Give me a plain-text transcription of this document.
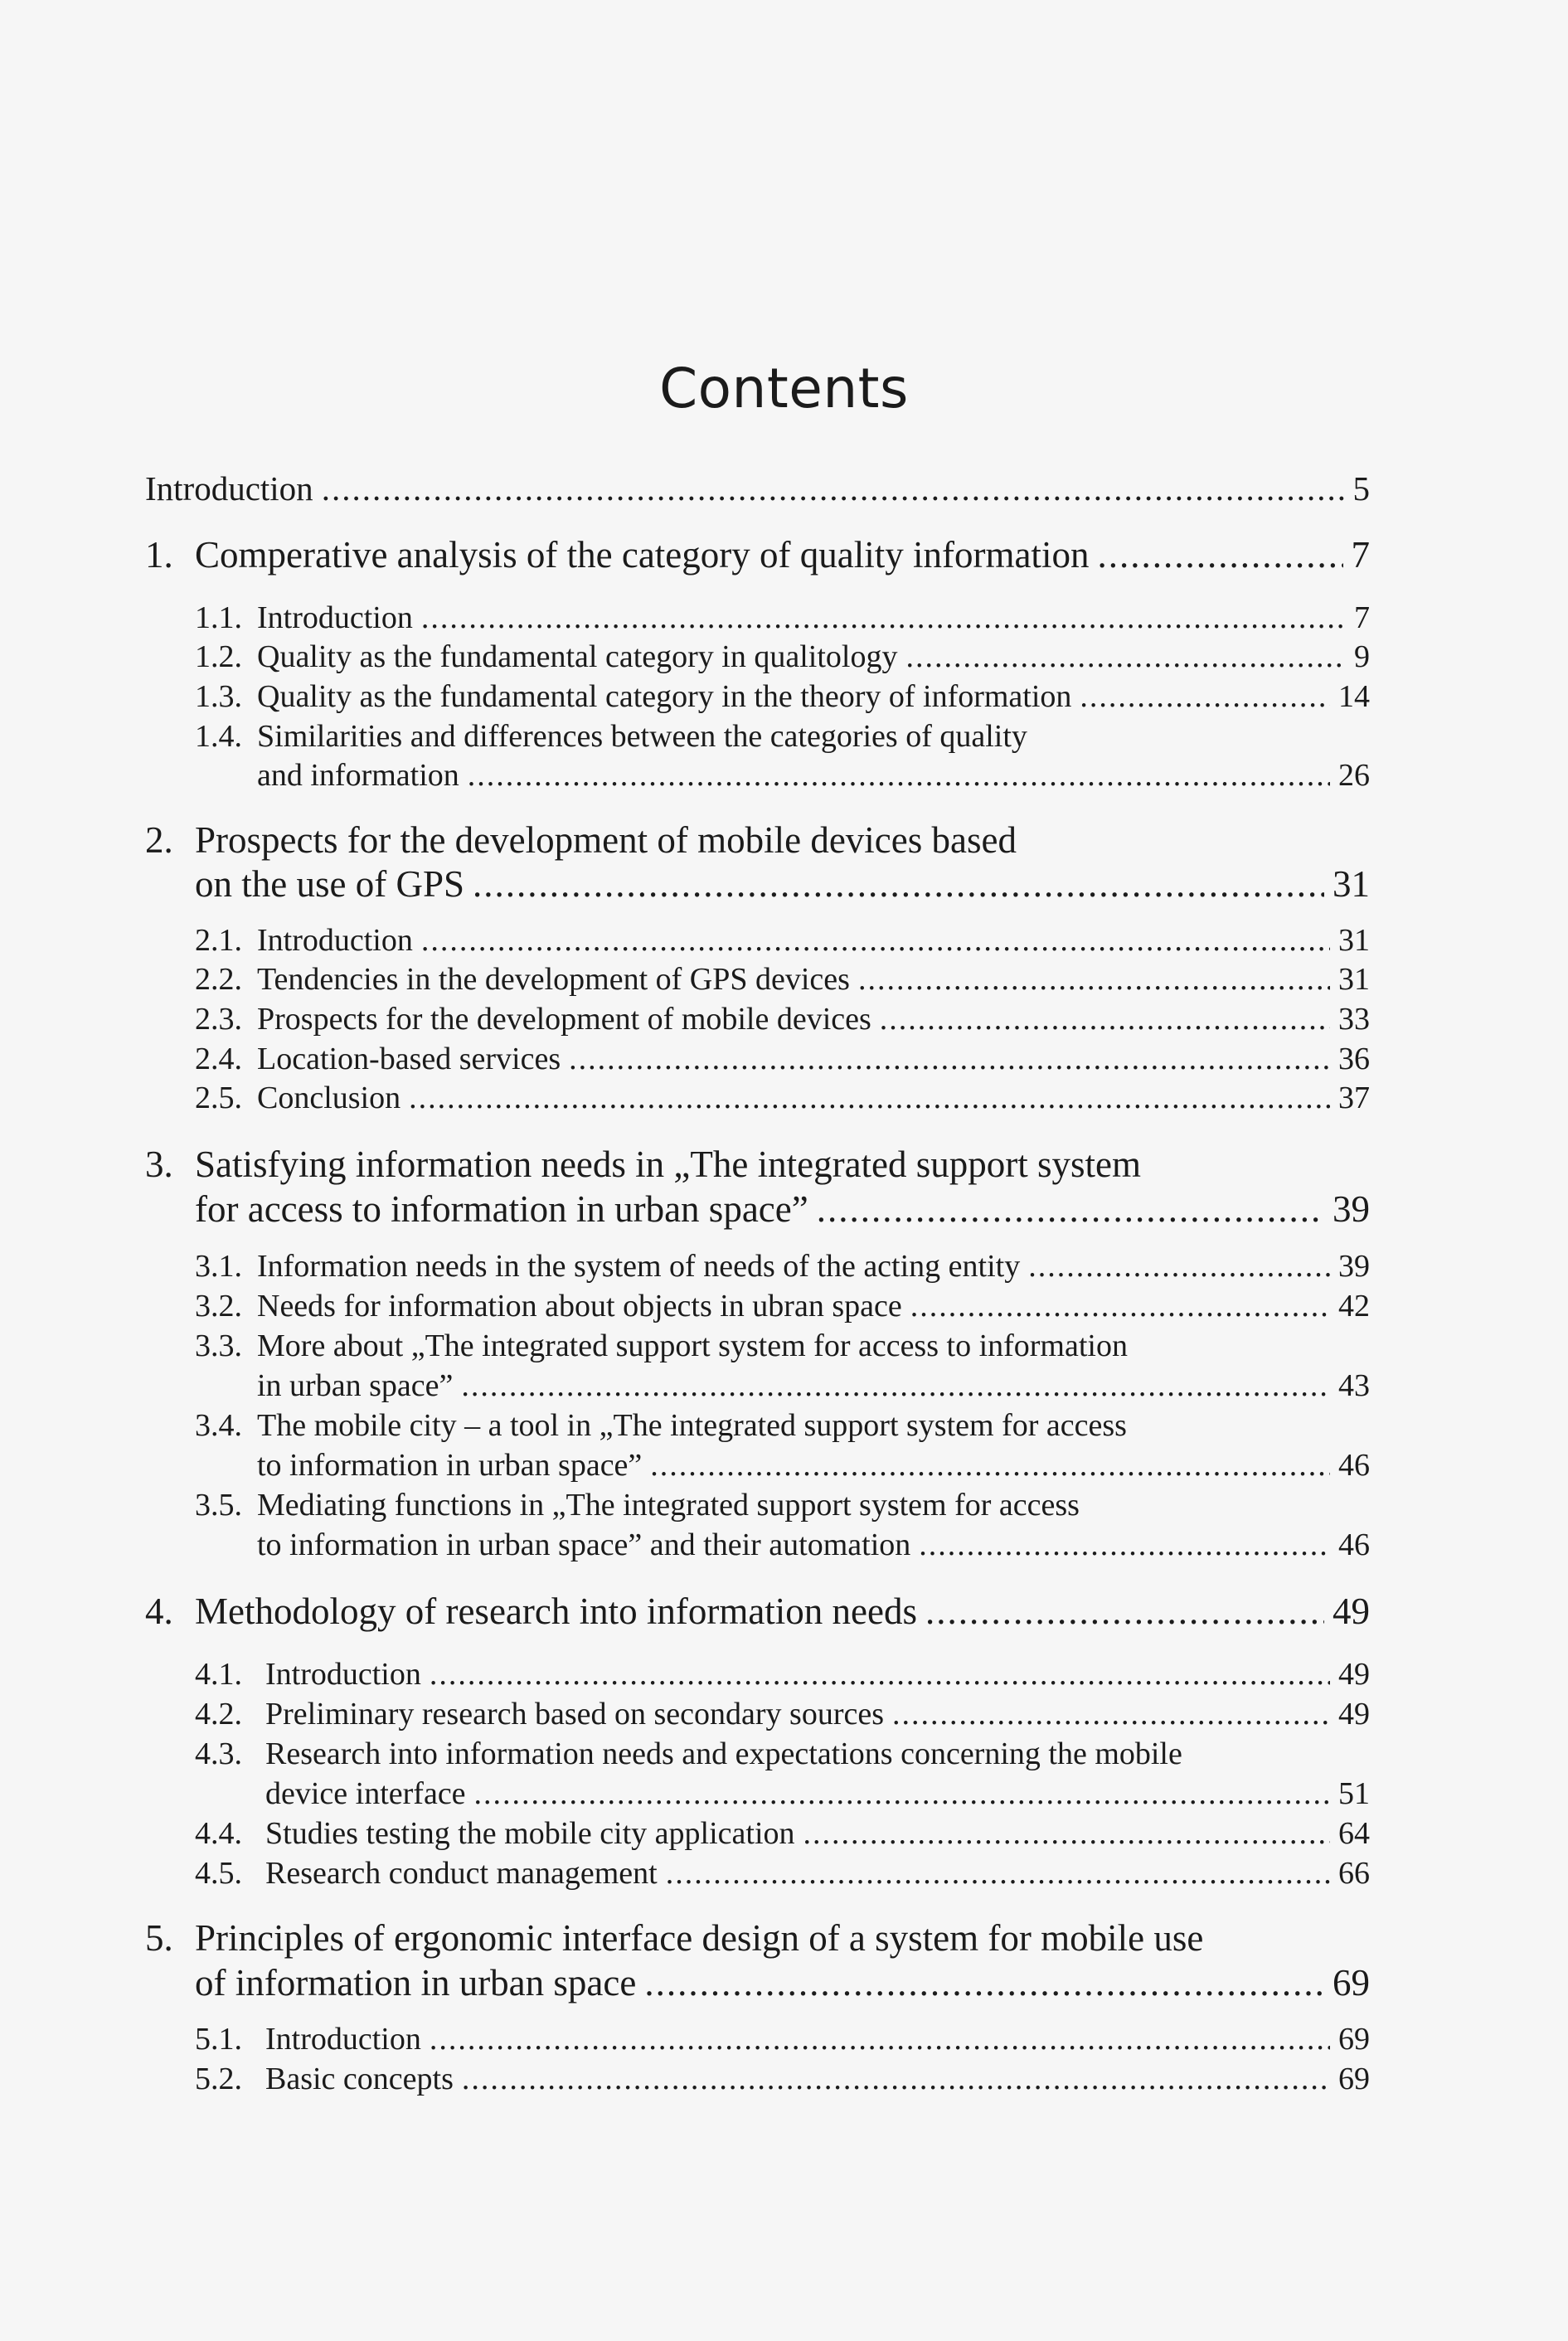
Contents
Introduction .....	5
1. Comperative analysis of the category of quality information .....	7
1.1. Introduction .....	7
1.2. Quality as the fundamental category in qualitology .....	9
1.3. Quality as the fundamental category in the theory of information .....	14
1.4. Similarities and differences between the categories of quality
and information .....	26
2. Prospects for the development of mobile devices based
on the use of GPS .....	31
2.1. Introduction .....	31
2.2. Tendencies in the development of GPS devices .....	31
2.3. Prospects for the development of mobile devices .....	33
2.4. Location-based services .....	36
2.5. Conclusion .....	37
3. Satisfying information needs in „The integrated support system
for access to information in urban space” .....	39
3.1. Information needs in the system of needs of the acting entity .....	39
3.2. Needs for information about objects in ubran space .....	42
3.3. More about „The integrated support system for access to information
in urban space” .....	43
3.4. The mobile city – a tool in „The integrated support system for access
to information in urban space” .....	46
3.5. Mediating functions in „The integrated support system for access
to information in urban space” and their automation .....	46
4. Methodology of research into information needs .....	49
4.1. Introduction .....	49
4.2. Preliminary research based on secondary sources .....	49
4.3. Research into information needs and expectations concerning the mobile
device interface .....	51
4.4. Studies testing the mobile city application .....	64
4.5. Research conduct management .....	66
5. Principles of ergonomic interface design of a system for mobile use
of information in urban space .....	69
5.1. Introduction .....	69
5.2. Basic concepts .....	69
